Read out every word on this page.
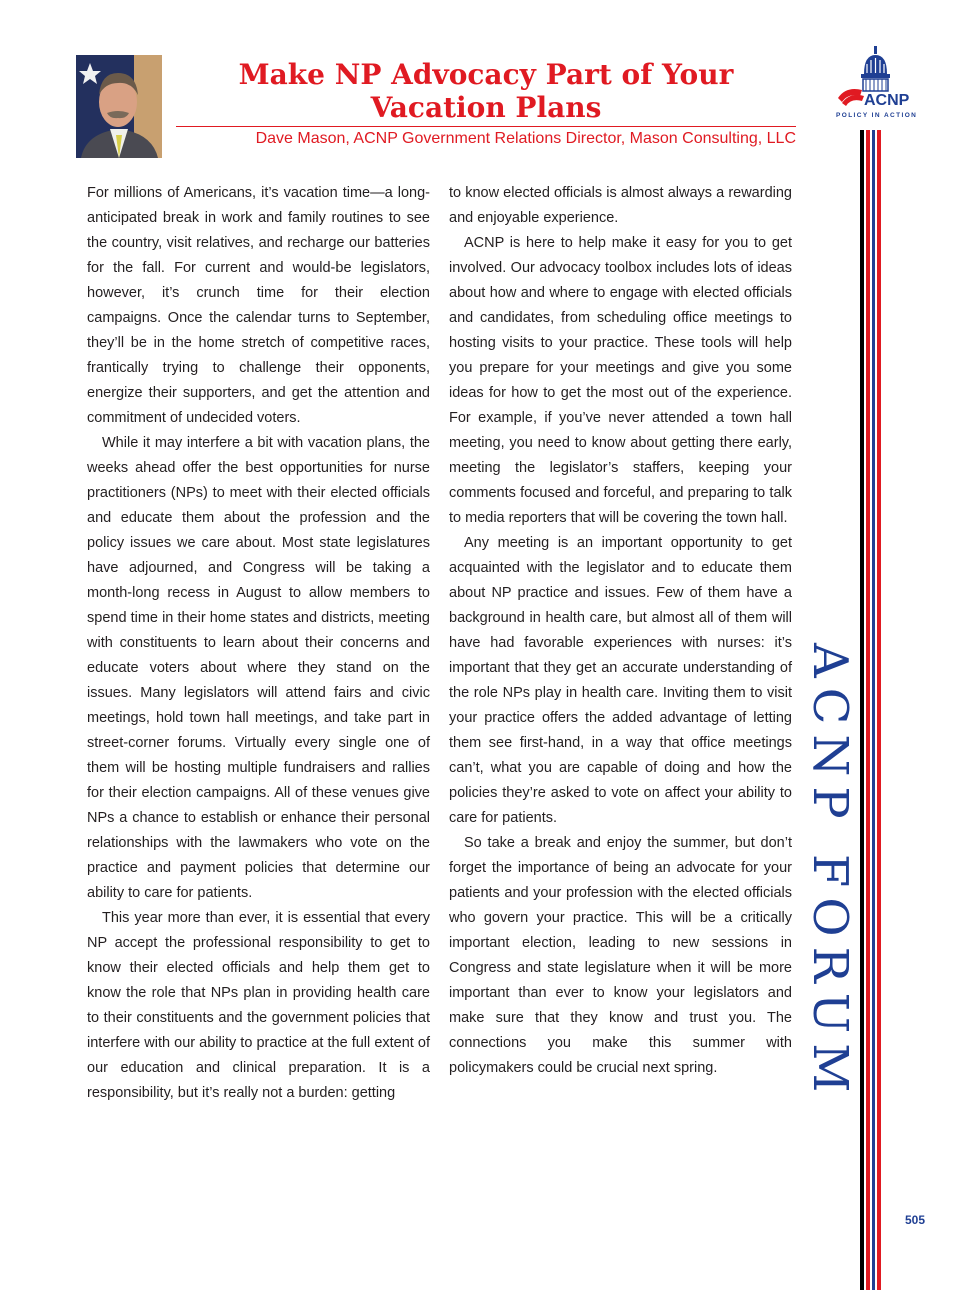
Make NP Advocacy Part of Your Vacation Plans
Dave Mason, ACNP Government Relations Director, Mason Consulting, LLC
ACNP
POLICY IN ACTION

For millions of Americans, it’s vacation time—a long-anticipated break in work and family routines to see the country, visit relatives, and recharge our batteries for the fall. For current and would-be legislators, however, it’s crunch time for their election campaigns. Once the calendar turns to September, they’ll be in the home stretch of competitive races, frantically trying to challenge their opponents, energize their supporters, and get the attention and commitment of undecided voters.

While it may interfere a bit with vacation plans, the weeks ahead offer the best opportunities for nurse practitioners (NPs) to meet with their elected officials and educate them about the profession and the policy issues we care about. Most state legislatures have adjourned, and Congress will be taking a month-long recess in August to allow members to spend time in their home states and districts, meeting with constituents to learn about their concerns and educate voters about where they stand on the issues. Many legislators will attend fairs and civic meetings, hold town hall meetings, and take part in street-corner forums. Virtually every single one of them will be hosting multiple fundraisers and rallies for their election campaigns. All of these venues give NPs a chance to establish or enhance their personal relationships with the lawmakers who vote on the practice and payment policies that determine our ability to care for patients.

This year more than ever, it is essential that every NP accept the professional responsibility to get to know their elected officials and help them get to know the role that NPs plan in providing health care to their constituents and the government policies that interfere with our ability to practice at the full extent of our education and clinical preparation. It is a responsibility, but it’s really not a burden: getting

to know elected officials is almost always a rewarding and enjoyable experience.

ACNP is here to help make it easy for you to get involved. Our advocacy toolbox includes lots of ideas about how and where to engage with elected officials and candidates, from scheduling office meetings to hosting visits to your practice. These tools will help you prepare for your meetings and give you some ideas for how to get the most out of the experience. For example, if you’ve never attended a town hall meeting, you need to know about getting there early, meeting the legislator’s staffers, keeping your comments focused and forceful, and preparing to talk to media reporters that will be covering the town hall.

Any meeting is an important opportunity to get acquainted with the legislator and to educate them about NP practice and issues. Few of them have a background in health care, but almost all of them will have had favorable experiences with nurses: it’s important that they get an accurate understanding of the role NPs play in health care. Inviting them to visit your practice offers the added advantage of letting them see first-hand, in a way that office meetings can’t, what you are capable of doing and how the policies they’re asked to vote on affect your ability to care for patients.

So take a break and enjoy the summer, but don’t forget the importance of being an advocate for your patients and your profession with the elected officials who govern your practice. This will be a critically important election, leading to new sessions in Congress and state legislature when it will be more important than ever to know your legislators and make sure that they know and trust you. The connections you make this summer with policymakers could be crucial next spring.	ACNP FORUM
505
